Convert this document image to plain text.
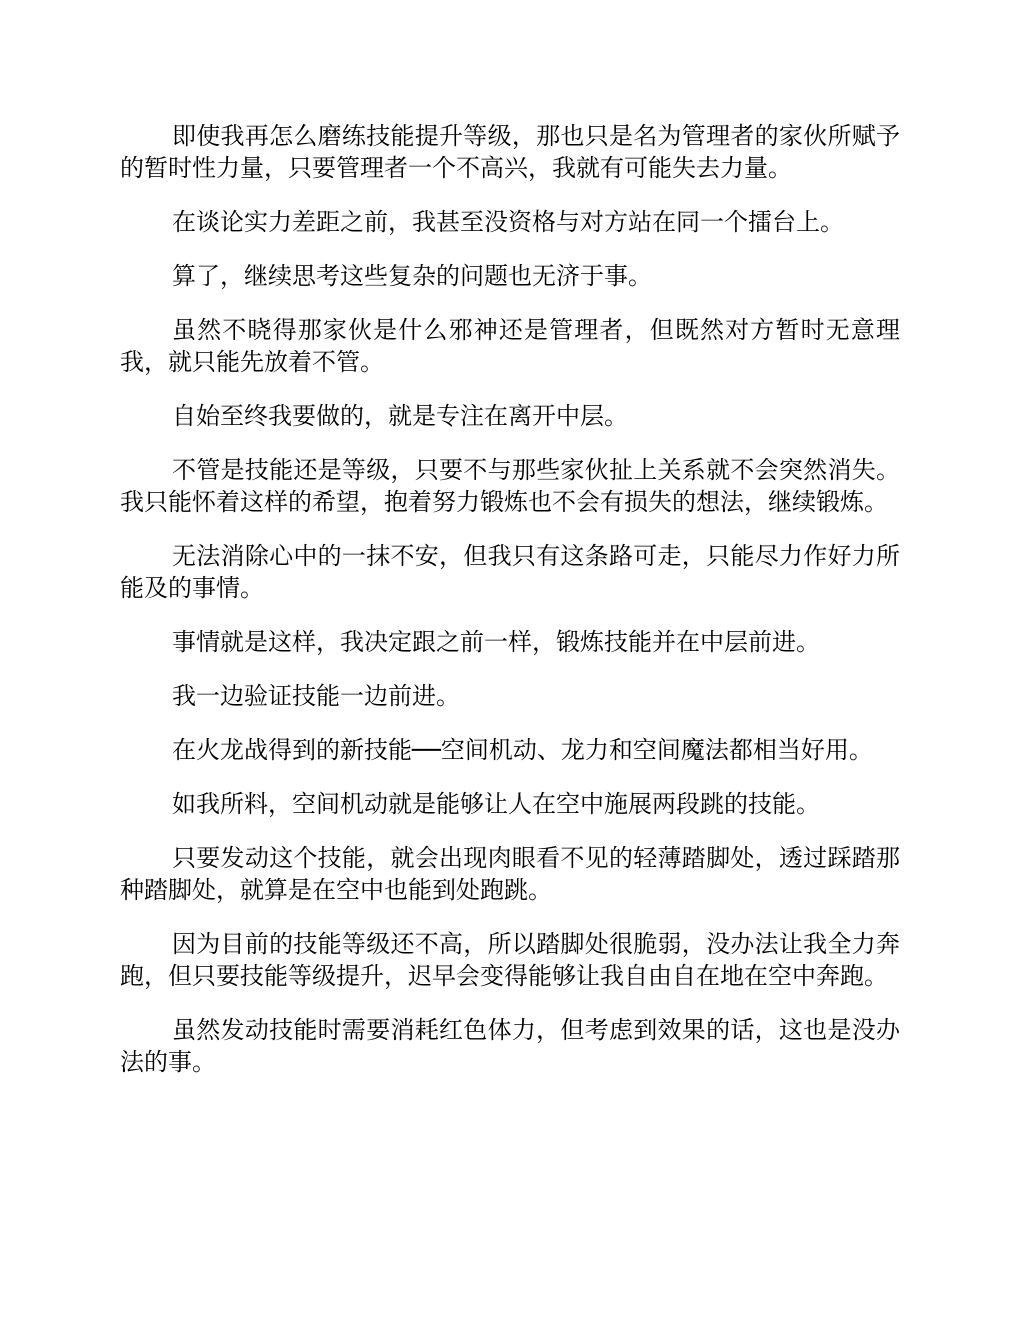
即使我再怎么磨练技能提升等级，那也只是名为管理者的家伙所赋予的暂时性力量，只要管理者一个不高兴，我就有可能失去力量。

在谈论实力差距之前，我甚至没资格与对方站在同一个擂台上。

算了，继续思考这些复杂的问题也无济于事。

虽然不晓得那家伙是什么邪神还是管理者，但既然对方暂时无意理我，就只能先放着不管。

自始至终我要做的，就是专注在离开中层。

不管是技能还是等级，只要不与那些家伙扯上关系就不会突然消失。我只能怀着这样的希望，抱着努力锻炼也不会有损失的想法，继续锻炼。

无法消除心中的一抹不安，但我只有这条路可走，只能尽力作好力所能及的事情。

事情就是这样，我决定跟之前一样，锻炼技能并在中层前进。

我一边验证技能一边前进。

在火龙战得到的新技能──空间机动、龙力和空间魔法都相当好用。

如我所料，空间机动就是能够让人在空中施展两段跳的技能。

只要发动这个技能，就会出现肉眼看不见的轻薄踏脚处，透过踩踏那种踏脚处，就算是在空中也能到处跑跳。

因为目前的技能等级还不高，所以踏脚处很脆弱，没办法让我全力奔跑，但只要技能等级提升，迟早会变得能够让我自由自在地在空中奔跑。

虽然发动技能时需要消耗红色体力，但考虑到效果的话，这也是没办法的事。
